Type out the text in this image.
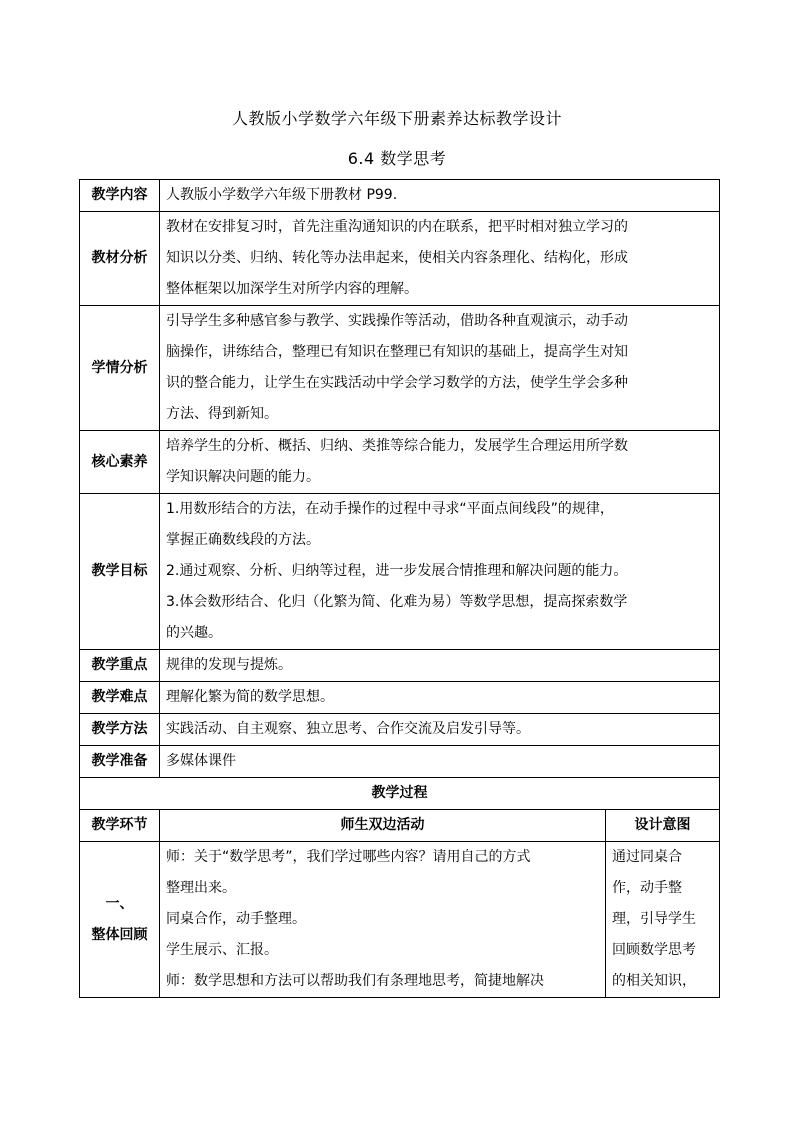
人教版小学数学六年级下册素养达标教学设计
6.4 数学思考
教学内容	人教版小学数学六年级下册教材 P99.	
教材分析	教材在安排复习时，首先注重沟通知识的内在联系，把平时相对独立学习的
知识以分类、归纳、转化等办法串起来，使相关内容条理化、结构化，形成
整体框架以加深学生对所学内容的理解。	

学情分析	引导学生多种感官参与教学、实践操作等活动，借助各种直观演示，动手动
脑操作，讲练结合，整理已有知识在整理已有知识的基础上，提高学生对知
识的整合能力，让学生在实践活动中学会学习数学的方法，使学生学会多种
方法、得到新知。	

核心素养	培养学生的分析、概括、归纳、类推等综合能力，发展学生合理运用所学数
学知识解决问题的能力。	

教学目标	1.用数形结合的方法，在动手操作的过程中寻求“平面点间线段”的规律，
掌握正确数线段的方法。
2.通过观察、分析、归纳等过程，进一步发展合情推理和解决问题的能力。
3.体会数形结合、化归（化繁为简、化难为易）等数学思想，提高探索数学
的兴趣。	

教学重点	规律的发现与提炼。	
教学难点	理解化繁为简的数学思想。	
教学方法	实践活动、自主观察、独立思考、合作交流及启发引导等。	
教学准备	多媒体课件	
教学过程		
教学环节	师生双边活动	设计意图

一、
整体回顾	师：关于“数学思考”，我们学过哪些内容？请用自己的方式
整理出来。
同桌合作，动手整理。
学生展示、汇报。
师：数学思想和方法可以帮助我们有条理地思考，简捷地解决	通过同桌合
作，动手整
理，引导学生
回顾数学思考
的相关知识，
